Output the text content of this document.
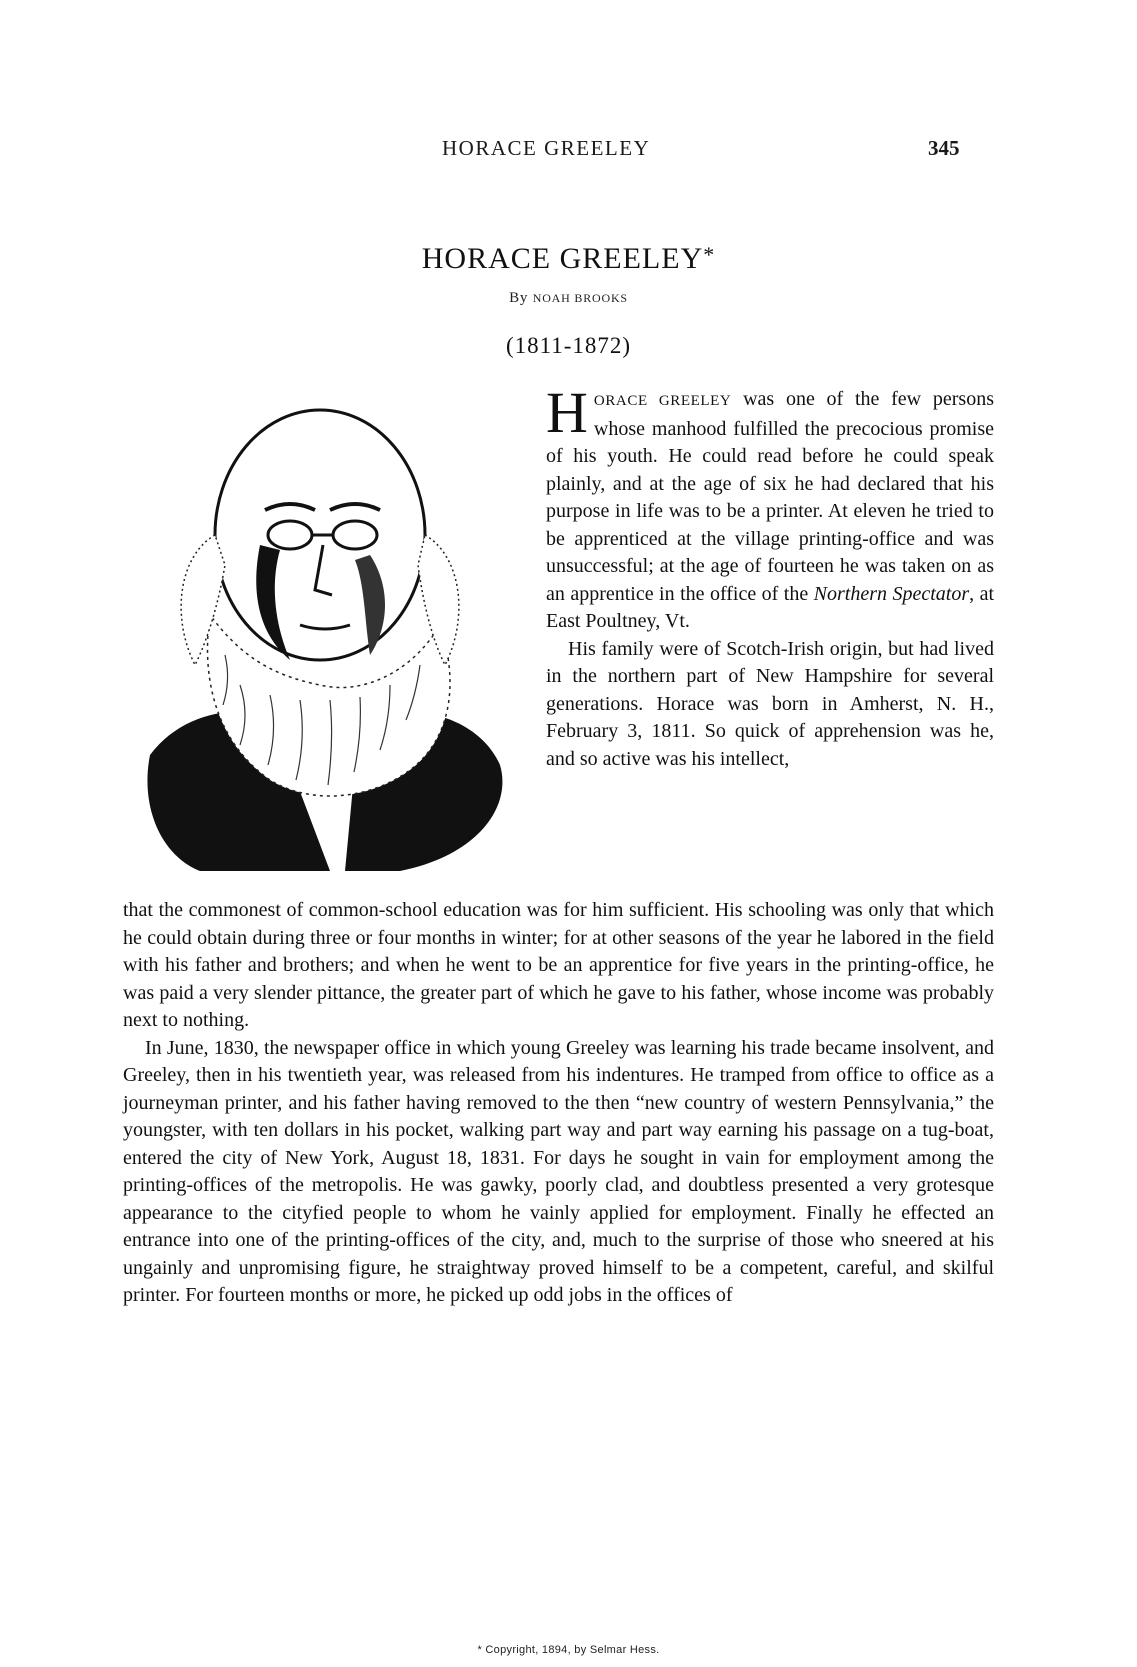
HORACE GREELEY	345
HORACE GREELEY*
By NOAH BROOKS
(1811-1872)

HORACE GREELEY was one of the few persons whose manhood fulfilled the precocious promise of his youth. He could read before he could speak plainly, and at the age of six he had declared that his purpose in life was to be a printer. At eleven he tried to be apprenticed at the village printing-office and was unsuccessful; at the age of fourteen he was taken on as an apprentice in the office of the Northern Spectator, at East Poultney, Vt.

His family were of Scotch-Irish origin, but had lived in the northern part of New Hampshire for several generations. Horace was born in Amherst, N. H., February 3, 1811. So quick of apprehension was he, and so active was his intellect,

that the commonest of common-school education was for him sufficient. His schooling was only that which he could obtain during three or four months in winter; for at other seasons of the year he labored in the field with his father and brothers; and when he went to be an apprentice for five years in the printing-office, he was paid a very slender pittance, the greater part of which he gave to his father, whose income was probably next to nothing.

In June, 1830, the newspaper office in which young Greeley was learning his trade became insolvent, and Greeley, then in his twentieth year, was released from his indentures. He tramped from office to office as a journeyman printer, and his father having removed to the then “new country of western Pennsylvania,” the youngster, with ten dollars in his pocket, walking part way and part way earning his passage on a tug-boat, entered the city of New York, August 18, 1831. For days he sought in vain for employment among the printing-offices of the metropolis. He was gawky, poorly clad, and doubtless presented a very grotesque appearance to the cityfied people to whom he vainly applied for employment. Finally he effected an entrance into one of the printing-offices of the city, and, much to the surprise of those who sneered at his ungainly and unpromising figure, he straightway proved himself to be a competent, careful, and skilful printer. For fourteen months or more, he picked up odd jobs in the offices of

* Copyright, 1894, by Selmar Hess.
